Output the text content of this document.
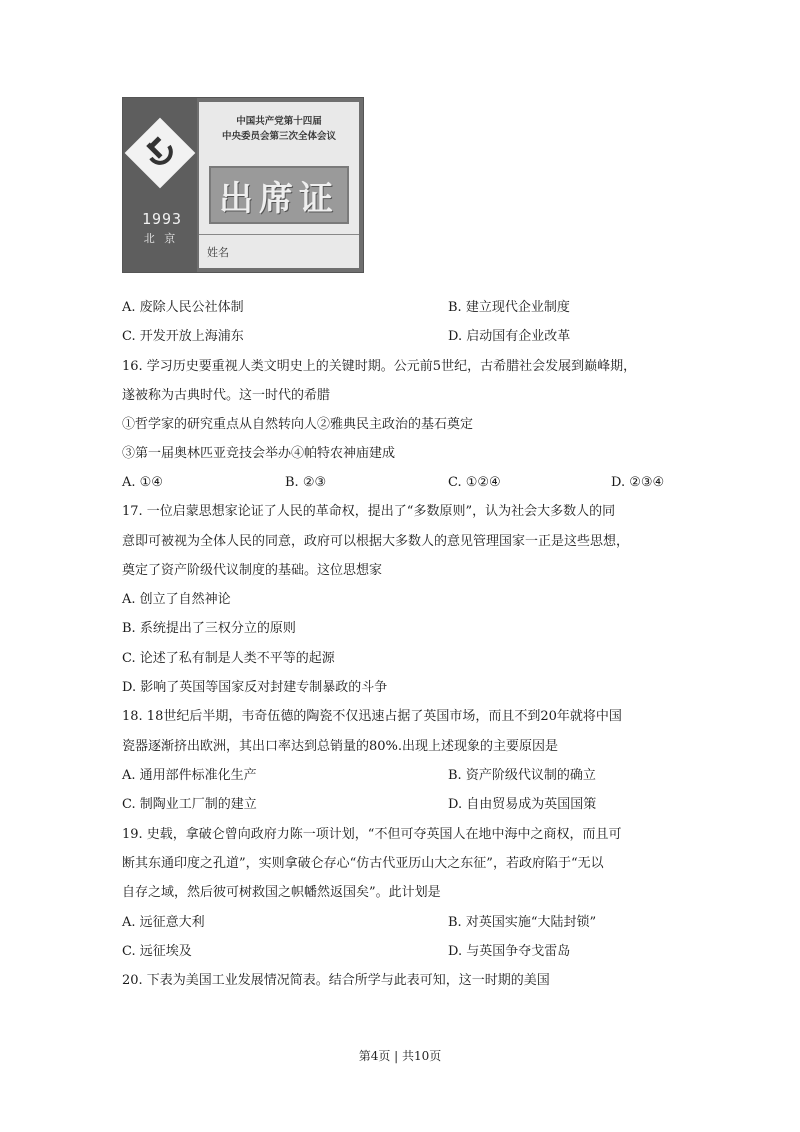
1993
北 京
中国共产党第十四届
中央委员会第三次全体会议
出席证
姓名
A. 废除人民公社体制	B. 建立现代企业制度
C. 开发开放上海浦东	D. 启动国有企业改革
16. 学习历史要重视人类文明史上的关键时期。公元前5世纪，古希腊社会发展到巅峰期，
遂被称为古典时代。这一时代的希腊
①哲学家的研究重点从自然转向人②雅典民主政治的基石奠定
③第一届奥林匹亚竞技会举办④帕特农神庙建成
A. ①④	B. ②③	C. ①②④	D. ②③④
17. 一位启蒙思想家论证了人民的革命权，提出了“多数原则”，认为社会大多数人的同
意即可被视为全体人民的同意，政府可以根据大多数人的意见管理国家一正是这些思想，
奠定了资产阶级代议制度的基础。这位思想家
A. 创立了自然神论
B. 系统提出了三权分立的原则
C. 论述了私有制是人类不平等的起源
D. 影响了英国等国家反对封建专制暴政的斗争
18. 18世纪后半期，韦奇伍德的陶瓷不仅迅速占据了英国市场，而且不到20年就将中国
瓷器逐渐挤出欧洲，其出口率达到总销量的80%.出现上述现象的主要原因是
A. 通用部件标准化生产	B. 资产阶级代议制的确立
C. 制陶业工厂制的建立	D. 自由贸易成为英国国策
19. 史载，拿破仑曾向政府力陈一项计划，“不但可夺英国人在地中海中之商权，而且可
断其东通印度之孔道”，实则拿破仑存心“仿古代亚历山大之东征”，若政府陷于“无以
自存之域，然后彼可树救国之帜幡然返国矣”。此计划是
A. 远征意大利	B. 对英国实施“大陆封锁”
C. 远征埃及	D. 与英国争夺戈雷岛
20. 下表为美国工业发展情况简表。结合所学与此表可知，这一时期的美国
第4页 | 共10页
